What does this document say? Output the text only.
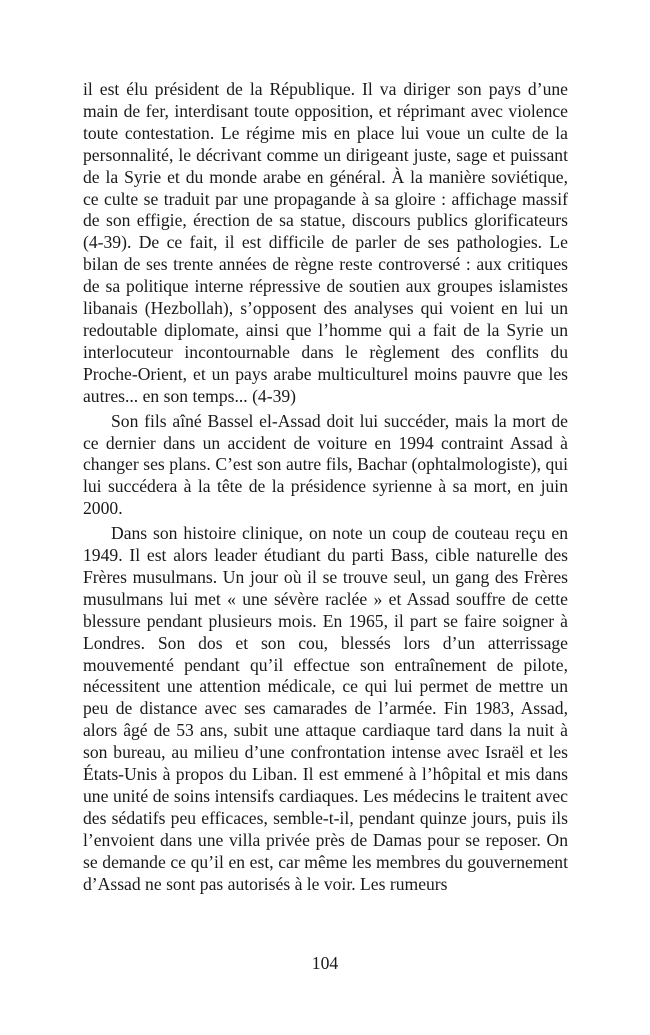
il est élu président de la République. Il va diriger son pays d’une main de fer, interdisant toute opposition, et réprimant avec violence toute contestation. Le régime mis en place lui voue un culte de la personnalité, le décrivant comme un dirigeant juste, sage et puissant de la Syrie et du monde arabe en général. À la manière soviétique, ce culte se traduit par une propagande à sa gloire : affichage massif de son effigie, érection de sa statue, discours publics glorificateurs (4-39). De ce fait, il est difficile de parler de ses pathologies. Le bilan de ses trente années de règne reste controversé : aux critiques de sa politique interne répressive de soutien aux groupes islamistes libanais (Hezbollah), s’opposent des analyses qui voient en lui un redoutable diplomate, ainsi que l’homme qui a fait de la Syrie un interlocuteur incontournable dans le règlement des conflits du Proche-Orient, et un pays arabe multiculturel moins pauvre que les autres... en son temps... (4-39)

Son fils aîné Bassel el-Assad doit lui succéder, mais la mort de ce dernier dans un accident de voiture en 1994 contraint Assad à changer ses plans. C’est son autre fils, Bachar (ophtalmologiste), qui lui succédera à la tête de la présidence syrienne à sa mort, en juin 2000.

Dans son histoire clinique, on note un coup de couteau reçu en 1949. Il est alors leader étudiant du parti Bass, cible naturelle des Frères musulmans. Un jour où il se trouve seul, un gang des Frères musulmans lui met « une sévère raclée » et Assad souffre de cette blessure pendant plusieurs mois. En 1965, il part se faire soigner à Londres. Son dos et son cou, blessés lors d’un atterrissage mouvementé pendant qu’il effectue son entraînement de pilote, nécessitent une attention médicale, ce qui lui permet de mettre un peu de distance avec ses camarades de l’armée. Fin 1983, Assad, alors âgé de 53 ans, subit une attaque cardiaque tard dans la nuit à son bureau, au milieu d’une confrontation intense avec Israël et les États-Unis à propos du Liban. Il est emmené à l’hôpital et mis dans une unité de soins intensifs cardiaques. Les médecins le traitent avec des sédatifs peu efficaces, semble-t-il, pendant quinze jours, puis ils l’envoient dans une villa privée près de Damas pour se reposer. On se demande ce qu’il en est, car même les membres du gouvernement d’Assad ne sont pas autorisés à le voir. Les rumeurs

104
